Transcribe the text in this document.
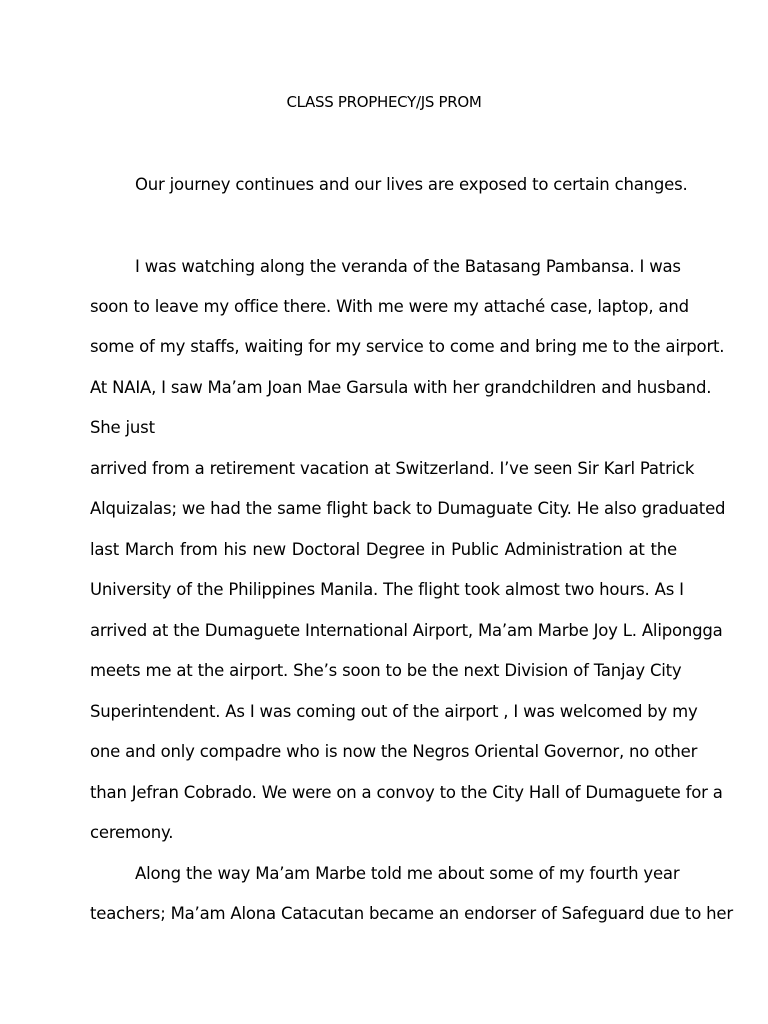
CLASS PROPHECY/JS PROM
Our journey continues and our lives are exposed to certain changes.
I was watching along the veranda of the Batasang Pambansa. I was
soon to leave my office there. With me were my attaché case, laptop, and
some of my staffs, waiting for my service to come and bring me to the airport.
At NAIA, I saw Ma’am Joan Mae Garsula with her grandchildren and husband.
She just
arrived from a retirement vacation at Switzerland. I’ve seen Sir Karl Patrick
Alquizalas; we had the same flight back to Dumaguate City. He also graduated
last March from his new Doctoral Degree in Public Administration at the
University of the Philippines Manila. The flight took almost two hours. As I
arrived at the Dumaguete International Airport, Ma’am Marbe Joy L. Alipongga
meets me at the airport. She’s soon to be the next Division of Tanjay City
Superintendent. As I was coming out of the airport , I was welcomed by my
one and only compadre who is now the Negros Oriental Governor, no other
than Jefran Cobrado. We were on a convoy to the City Hall of Dumaguete for a
ceremony.
Along the way Ma’am Marbe told me about some of my fourth year
teachers; Ma’am Alona Catacutan became an endorser of Safeguard due to her
